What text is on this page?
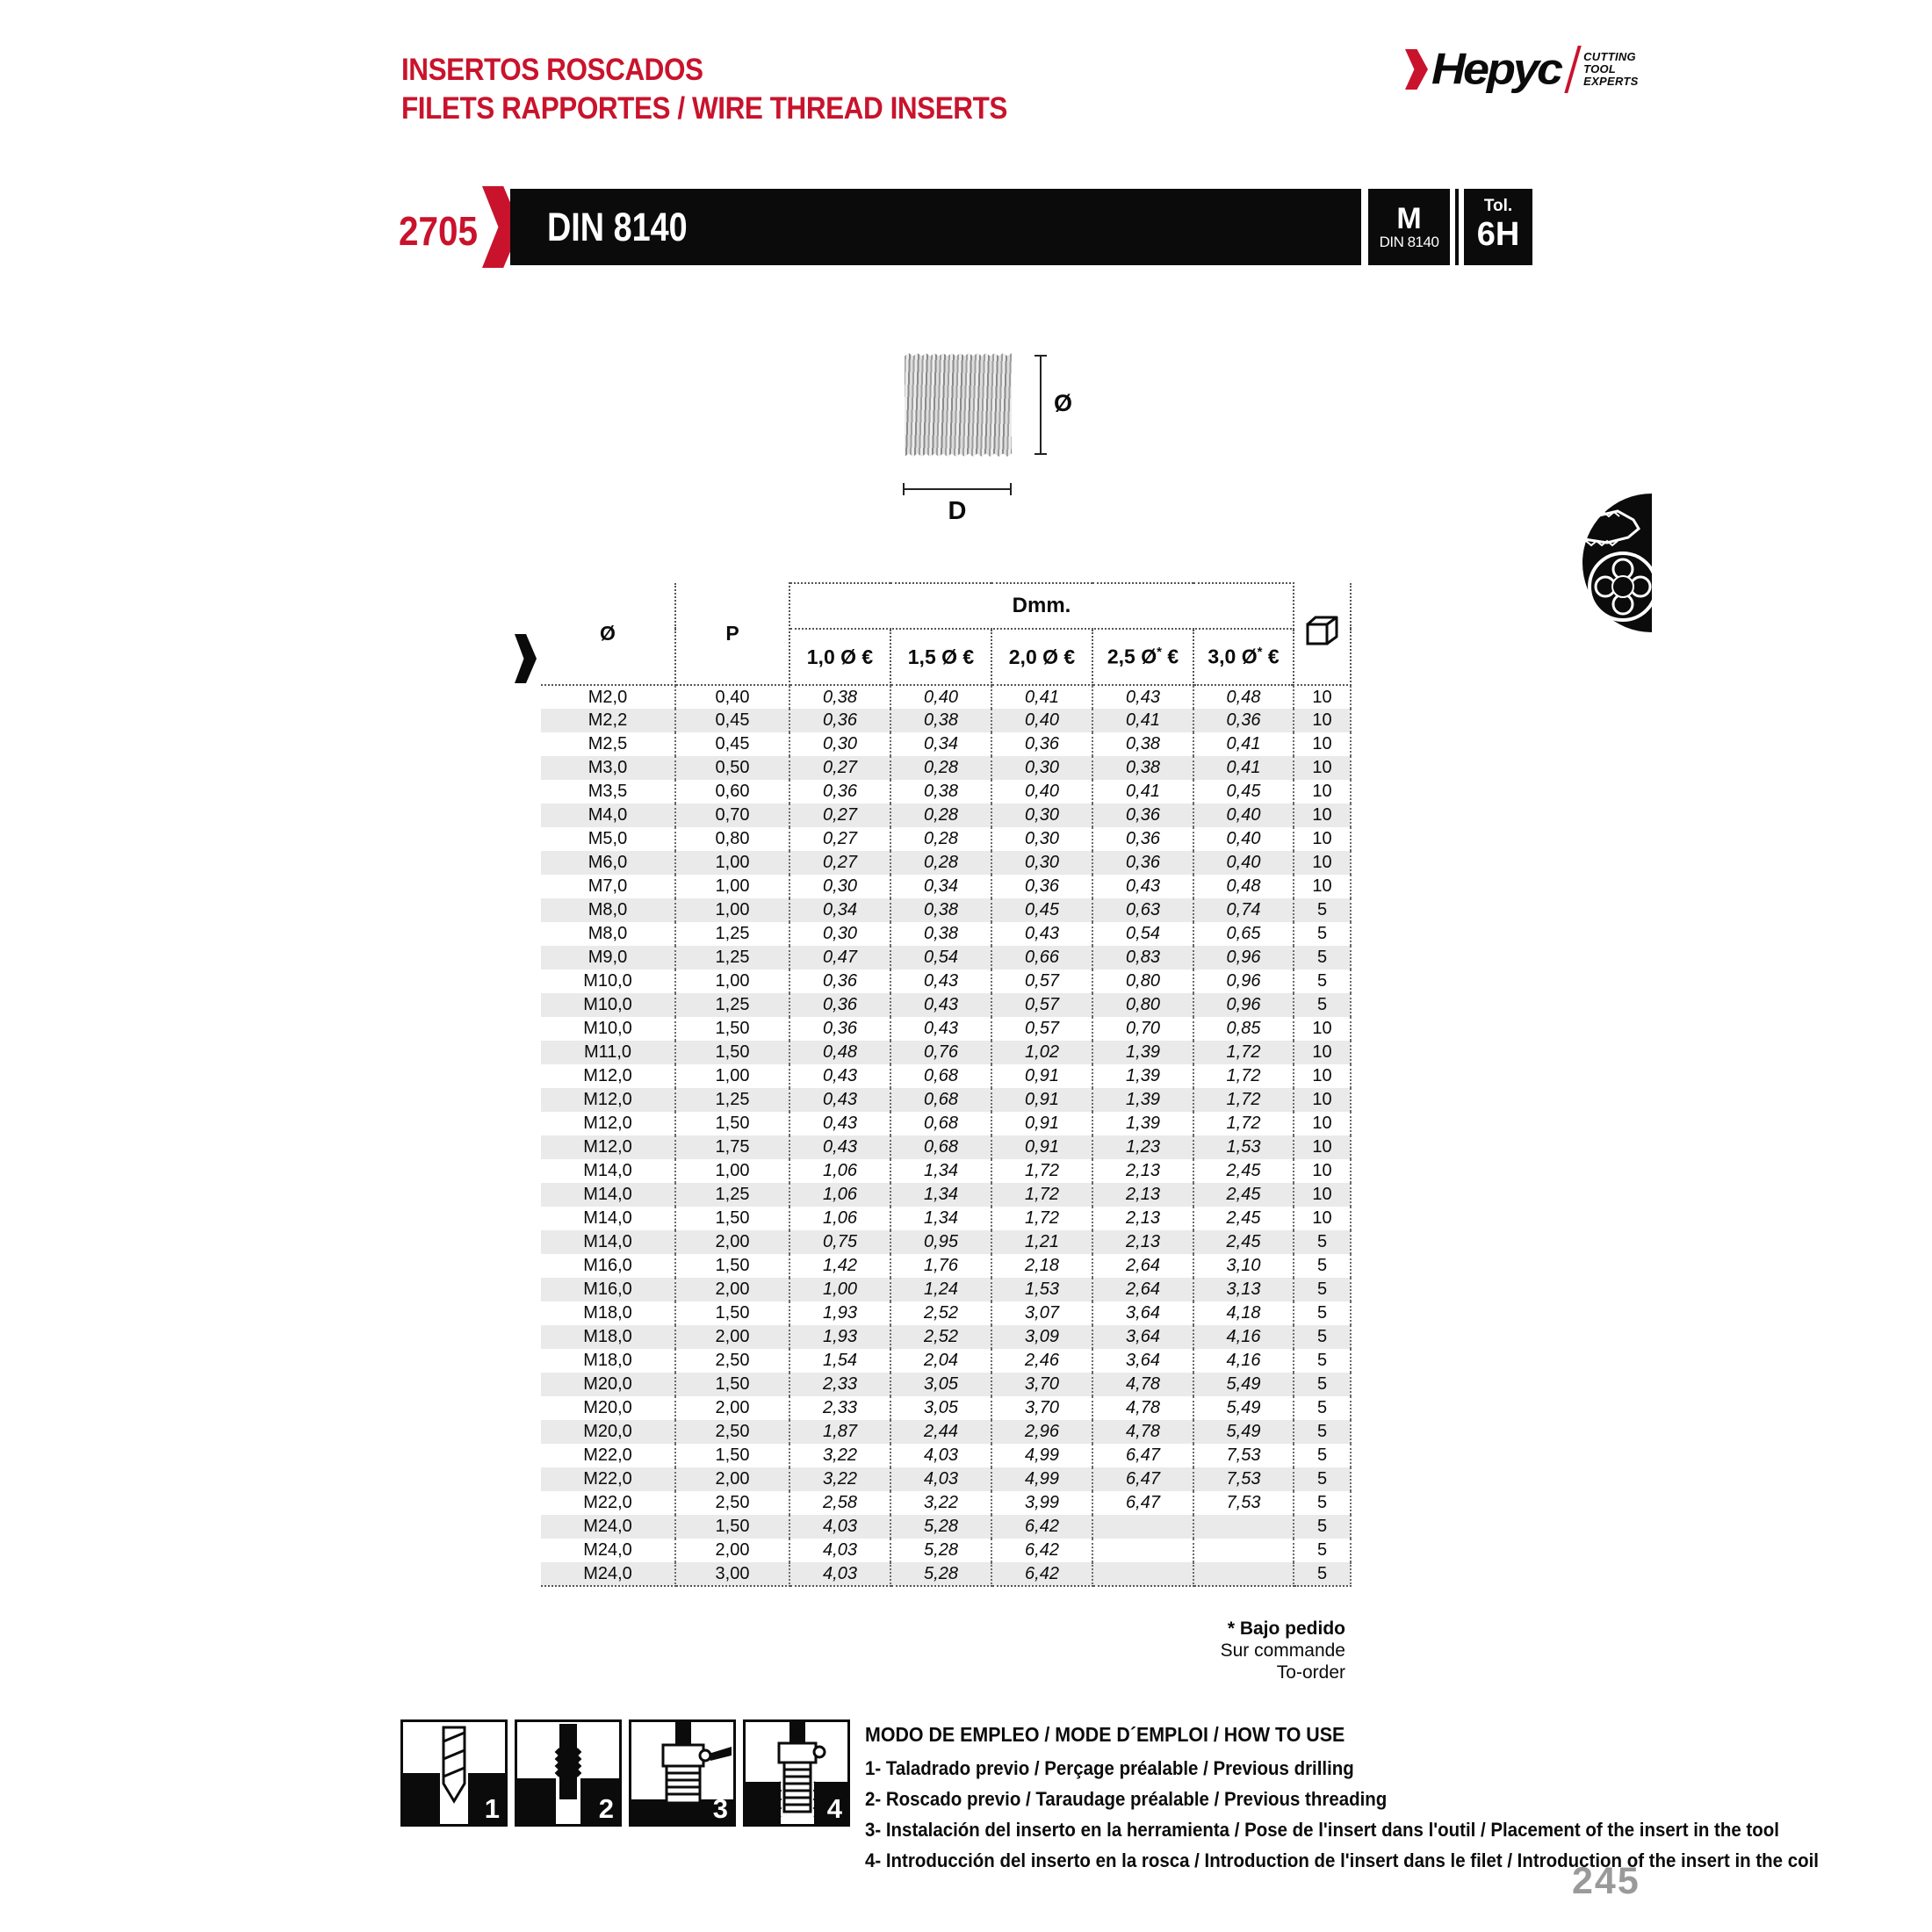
INSERTOS ROSCADOS
FILETS RAPPORTES / WIRE THREAD INSERTS
Hepyc CUTTING
TOOL
EXPERTS
2705 DIN 8140	M
DIN 8140
Tol.
6H
Ø
D
Ø	P	Dmm.	
		1,0 Ø €	1,5 Ø €	2,0 Ø €	2,5 Ø* €	3,0 Ø* €	
M2,0	0,40	0,38	0,40	0,41	0,43	0,48	10
M2,2	0,45	0,36	0,38	0,40	0,41	0,36	10
M2,5	0,45	0,30	0,34	0,36	0,38	0,41	10
M3,0	0,50	0,27	0,28	0,30	0,38	0,41	10
M3,5	0,60	0,36	0,38	0,40	0,41	0,45	10
M4,0	0,70	0,27	0,28	0,30	0,36	0,40	10
M5,0	0,80	0,27	0,28	0,30	0,36	0,40	10
M6,0	1,00	0,27	0,28	0,30	0,36	0,40	10
M7,0	1,00	0,30	0,34	0,36	0,43	0,48	10
M8,0	1,00	0,34	0,38	0,45	0,63	0,74	5
M8,0	1,25	0,30	0,38	0,43	0,54	0,65	5
M9,0	1,25	0,47	0,54	0,66	0,83	0,96	5
M10,0	1,00	0,36	0,43	0,57	0,80	0,96	5
M10,0	1,25	0,36	0,43	0,57	0,80	0,96	5
M10,0	1,50	0,36	0,43	0,57	0,70	0,85	10
M11,0	1,50	0,48	0,76	1,02	1,39	1,72	10
M12,0	1,00	0,43	0,68	0,91	1,39	1,72	10
M12,0	1,25	0,43	0,68	0,91	1,39	1,72	10
M12,0	1,50	0,43	0,68	0,91	1,39	1,72	10
M12,0	1,75	0,43	0,68	0,91	1,23	1,53	10
M14,0	1,00	1,06	1,34	1,72	2,13	2,45	10
M14,0	1,25	1,06	1,34	1,72	2,13	2,45	10
M14,0	1,50	1,06	1,34	1,72	2,13	2,45	10
M14,0	2,00	0,75	0,95	1,21	2,13	2,45	5
M16,0	1,50	1,42	1,76	2,18	2,64	3,10	5
M16,0	2,00	1,00	1,24	1,53	2,64	3,13	5
M18,0	1,50	1,93	2,52	3,07	3,64	4,18	5
M18,0	2,00	1,93	2,52	3,09	3,64	4,16	5
M18,0	2,50	1,54	2,04	2,46	3,64	4,16	5
M20,0	1,50	2,33	3,05	3,70	4,78	5,49	5
M20,0	2,00	2,33	3,05	3,70	4,78	5,49	5
M20,0	2,50	1,87	2,44	2,96	4,78	5,49	5
M22,0	1,50	3,22	4,03	4,99	6,47	7,53	5
M22,0	2,00	3,22	4,03	4,99	6,47	7,53	5
M22,0	2,50	2,58	3,22	3,99	6,47	7,53	5
M24,0	1,50	4,03	5,28	6,42			5
M24,0	2,00	4,03	5,28	6,42			5
M24,0	3,00	4,03	5,28	6,42			5
* Bajo pedido
Sur commande
To-order
1	2	3	4
MODO DE EMPLEO / MODE D´EMPLOI / HOW TO USE
1- Taladrado previo / Perçage préalable / Previous drilling
2- Roscado previo / Taraudage préalable / Previous threading
3- Instalación del inserto en la herramienta / Pose de l'insert dans l'outil / Placement of the insert in the tool
4- Introducción del inserto en la rosca / Introduction de l'insert dans le filet / Introduction of the insert in the coil
245
